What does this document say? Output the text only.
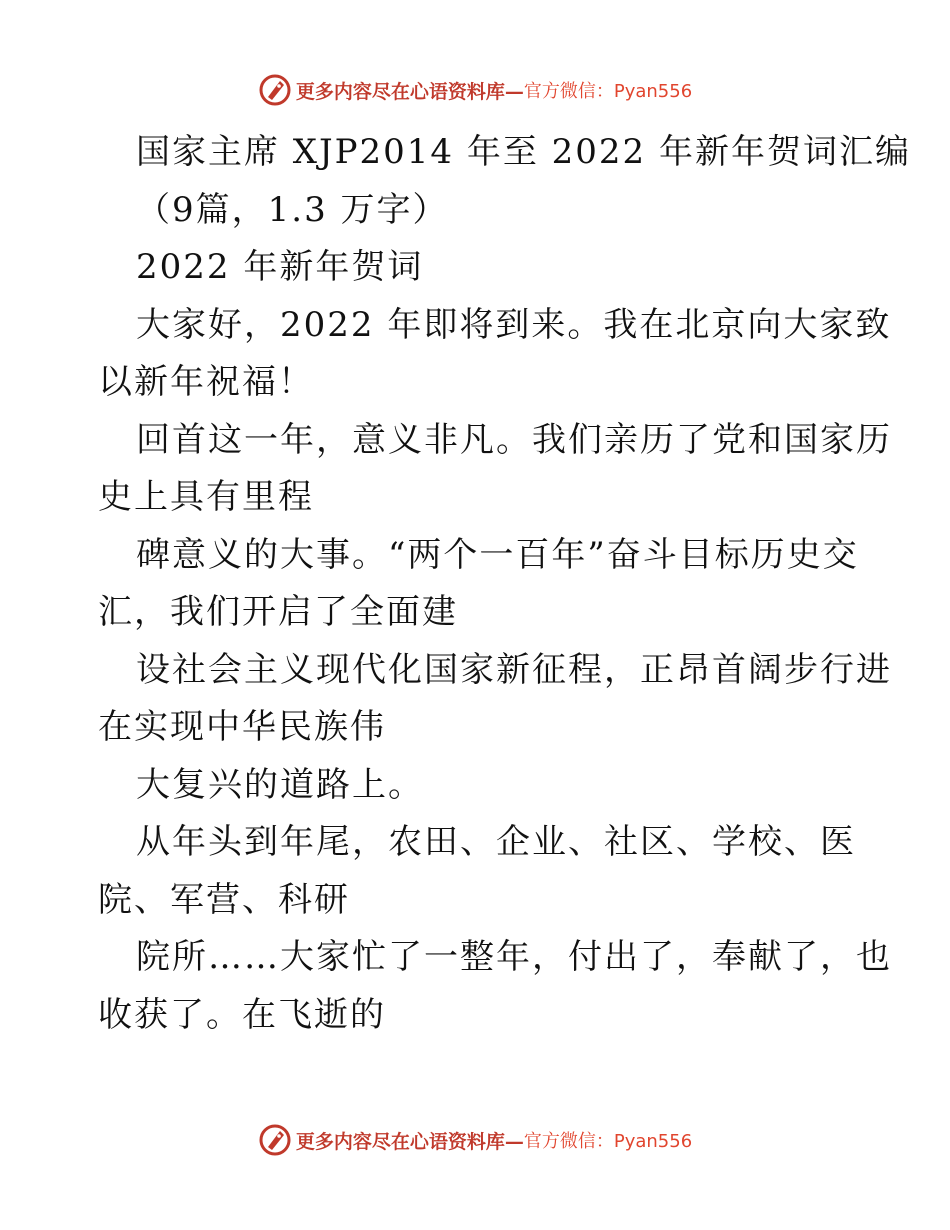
更多内容尽在心语资料库— 官方微信：Pyan556
国家主席 XJP2014 年至 2022 年新年贺词汇编
（9篇，1.3 万字）
2022 年新年贺词
大家好，2022 年即将到来。我在北京向大家致
以新年祝福！
回首这一年，意义非凡。我们亲历了党和国家历
史上具有里程
碑意义的大事。“两个一百年”奋斗目标历史交
汇，我们开启了全面建
设社会主义现代化国家新征程，正昂首阔步行进
在实现中华民族伟
大复兴的道路上。
从年头到年尾，农田、企业、社区、学校、医
院、军营、科研
院所……大家忙了一整年，付出了，奉献了，也
收获了。在飞逝的
更多内容尽在心语资料库— 官方微信：Pyan556
